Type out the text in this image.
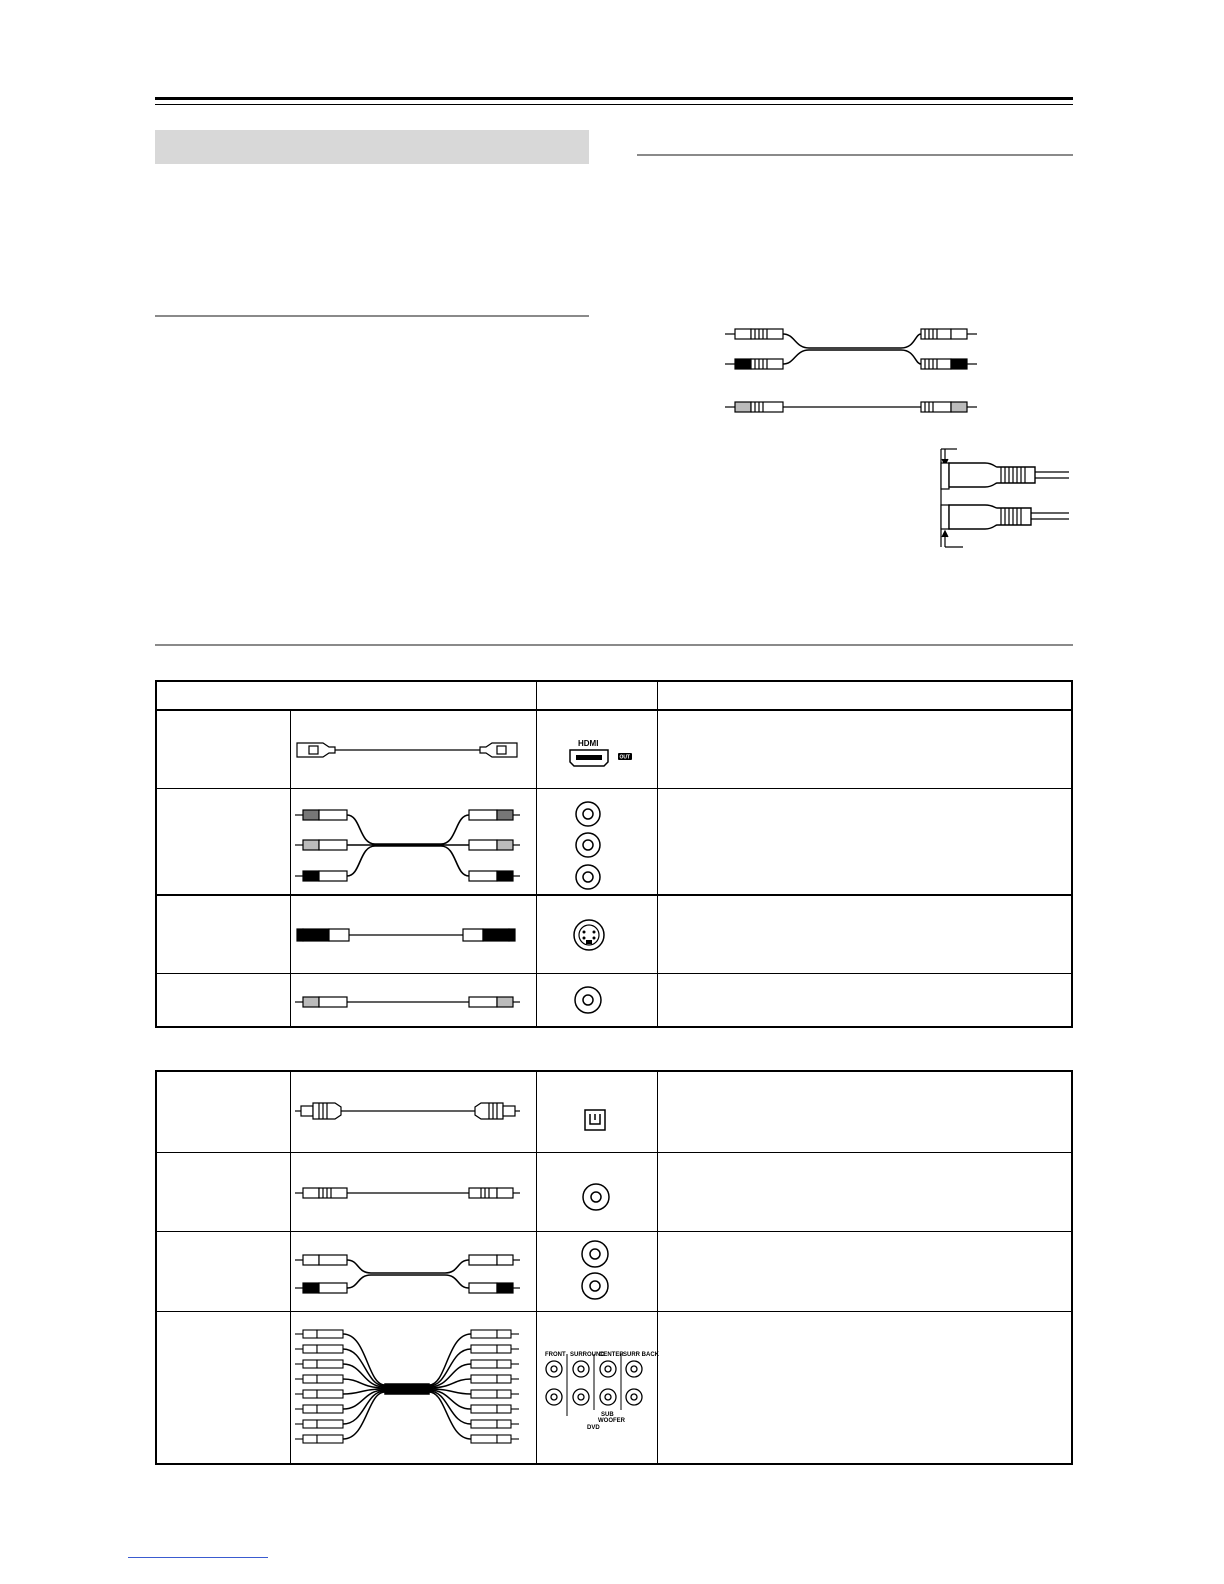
HDMI
OUT
FRONT SURROUND
CENTER SURR BACK
SUB
WOOFER
DVD
